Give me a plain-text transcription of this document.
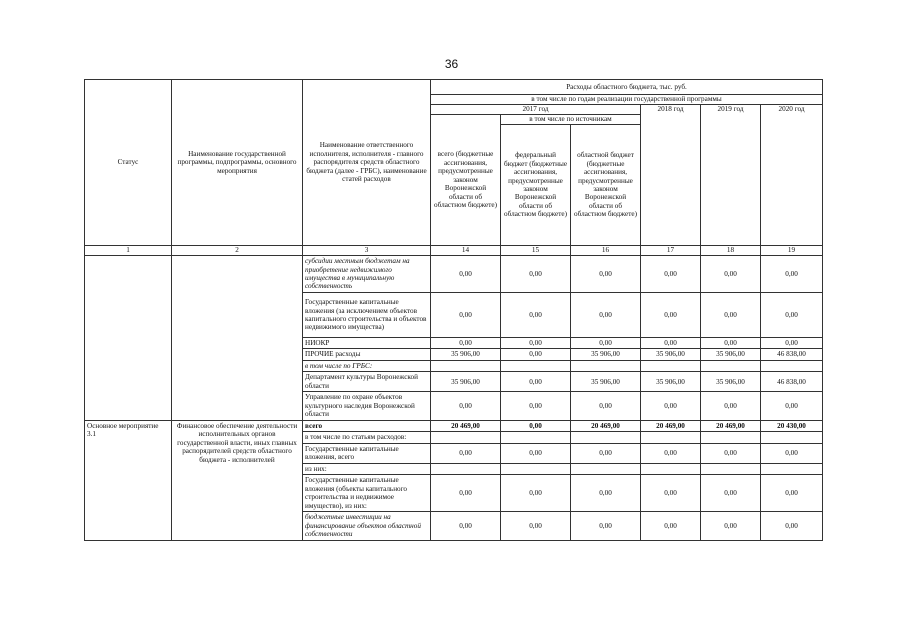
36
Статус	Наименование государственной программы, подпрограммы, основного мероприятия	Наименование ответственного исполнителя, исполнителя - главного распорядителя средств областного бюджета (далее - ГРБС), наименование статей расходов	Расходы областного бюджета, тыс. руб.					
			в том числе по годам реализации государственной программы					
			2017 год			2018 год	2019 год	2020 год
			всего (бюджетные ассигнования, предусмотренные законом Воронежской области об областном бюджете)	в том числе по источникам				
				федеральный бюджет (бюджетные ассигнования, предусмотренные законом Воронежской области об областном бюджете)	областной бюджет (бюджетные ассигнования, предусмотренные законом Воронежской области об областном бюджете)			
1	2	3	14	15	16	17	18	19
		субсидии местным бюджетам на приобретение недвижимого имущества в муниципальную собственность	0,00	0,00	0,00	0,00	0,00	0,00
		Государственные капитальные вложения (за исключением объектов капитального строительства и объектов недвижимого имущества)	0,00	0,00	0,00	0,00	0,00	0,00
		НИОКР	0,00	0,00	0,00	0,00	0,00	0,00
		ПРОЧИЕ расходы	35 906,00	0,00	35 906,00	35 906,00	35 906,00	46 838,00
		в том числе по ГРБС:						
		Департамент культуры Воронежской области	35 906,00	0,00	35 906,00	35 906,00	35 906,00	46 838,00
		Управление по охране объектов культурного наследия Воронежской области	0,00	0,00	0,00	0,00	0,00	0,00
Основное мероприятие 3.1	Финансовое обеспечение деятельности исполнительных органов государственной власти, иных главных распорядителей средств областного бюджета - исполнителей	всего	20 469,00	0,00	20 469,00	20 469,00	20 469,00	20 430,00
		в том числе по статьям расходов:						
		Государственные капитальные вложения, всего	0,00	0,00	0,00	0,00	0,00	0,00
		из них:						
		Государственные капитальные вложения (объекты капитального строительства и недвижимое имущество), из них:	0,00	0,00	0,00	0,00	0,00	0,00
		бюджетные инвестиции на финансирование объектов областной собственности	0,00	0,00	0,00	0,00	0,00	0,00
